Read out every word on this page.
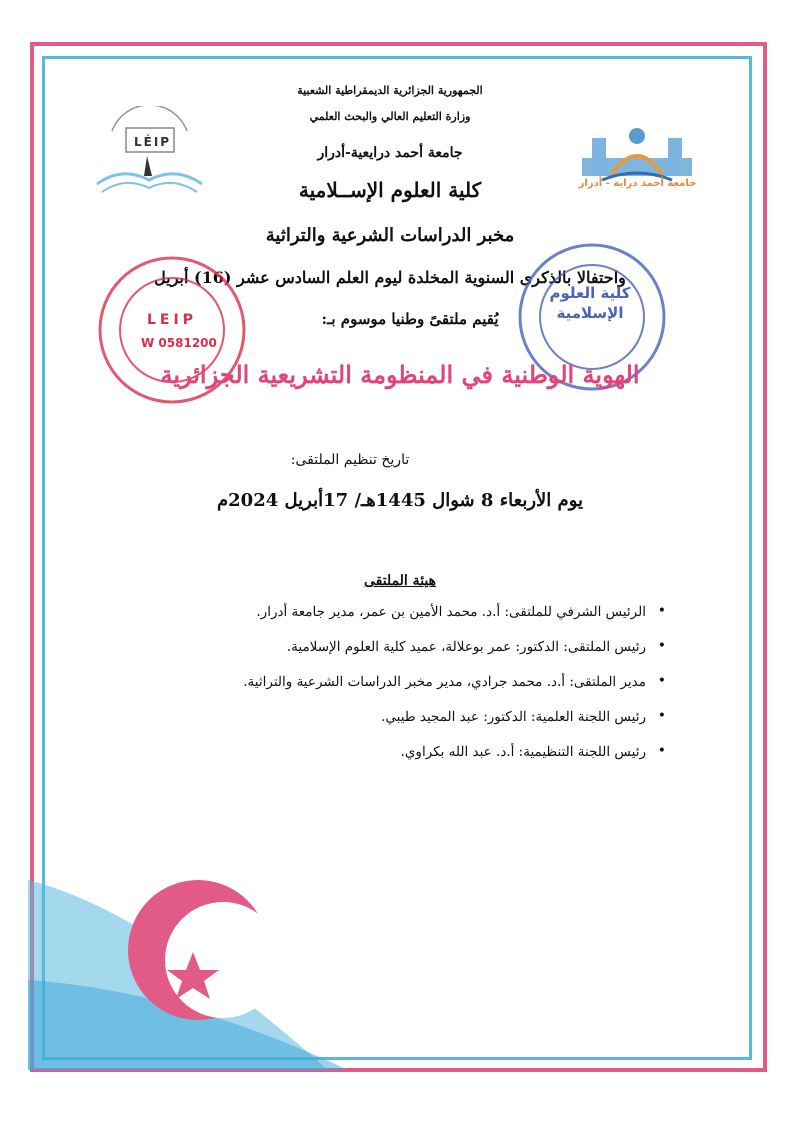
جامعة أحمد دراية - أدرار
LÉIP
الجمهورية الجزائرية الديمقراطية الشعبية
وزارة التعليم العالي والبحث العلمي
جامعة أحمد درايعية-أدرار
كلية العلوم الإســلامية
مخبر الدراسات الشرعية والتراثية
واحتفالا بالذكرى السنوية المخلدة ليوم العلم السادس عشر (16) أبريل
يُقيم ملتقىً وطنيا موسوم بـ:
LEIP
W 0581200
كلية العلوم
الإسلامية
الهوية الوطنية في المنظومة التشريعية الجزائرية
تاريخ تنظيم الملتقى:
يوم الأربعاء 8 شوال 1445هـ/ 17أبريل 2024م
هيئة الملتقى
• الرئيس الشرفي للملتقى: أ.د. محمد الأمين بن عمر، مدير جامعة أدرار.
• رئيس الملتقى: الدكتور: عمر بوعلالة، عميد كلية العلوم الإسلامية.
• مدير الملتقى: أ.د. محمد جرادي، مدير مخبر الدراسات الشرعية والتراثية.
• رئيس اللجنة العلمية: الدكتور: عبد المجيد طيبي.
• رئيس اللجنة التنظيمية: أ.د. عبد الله بكراوي.
